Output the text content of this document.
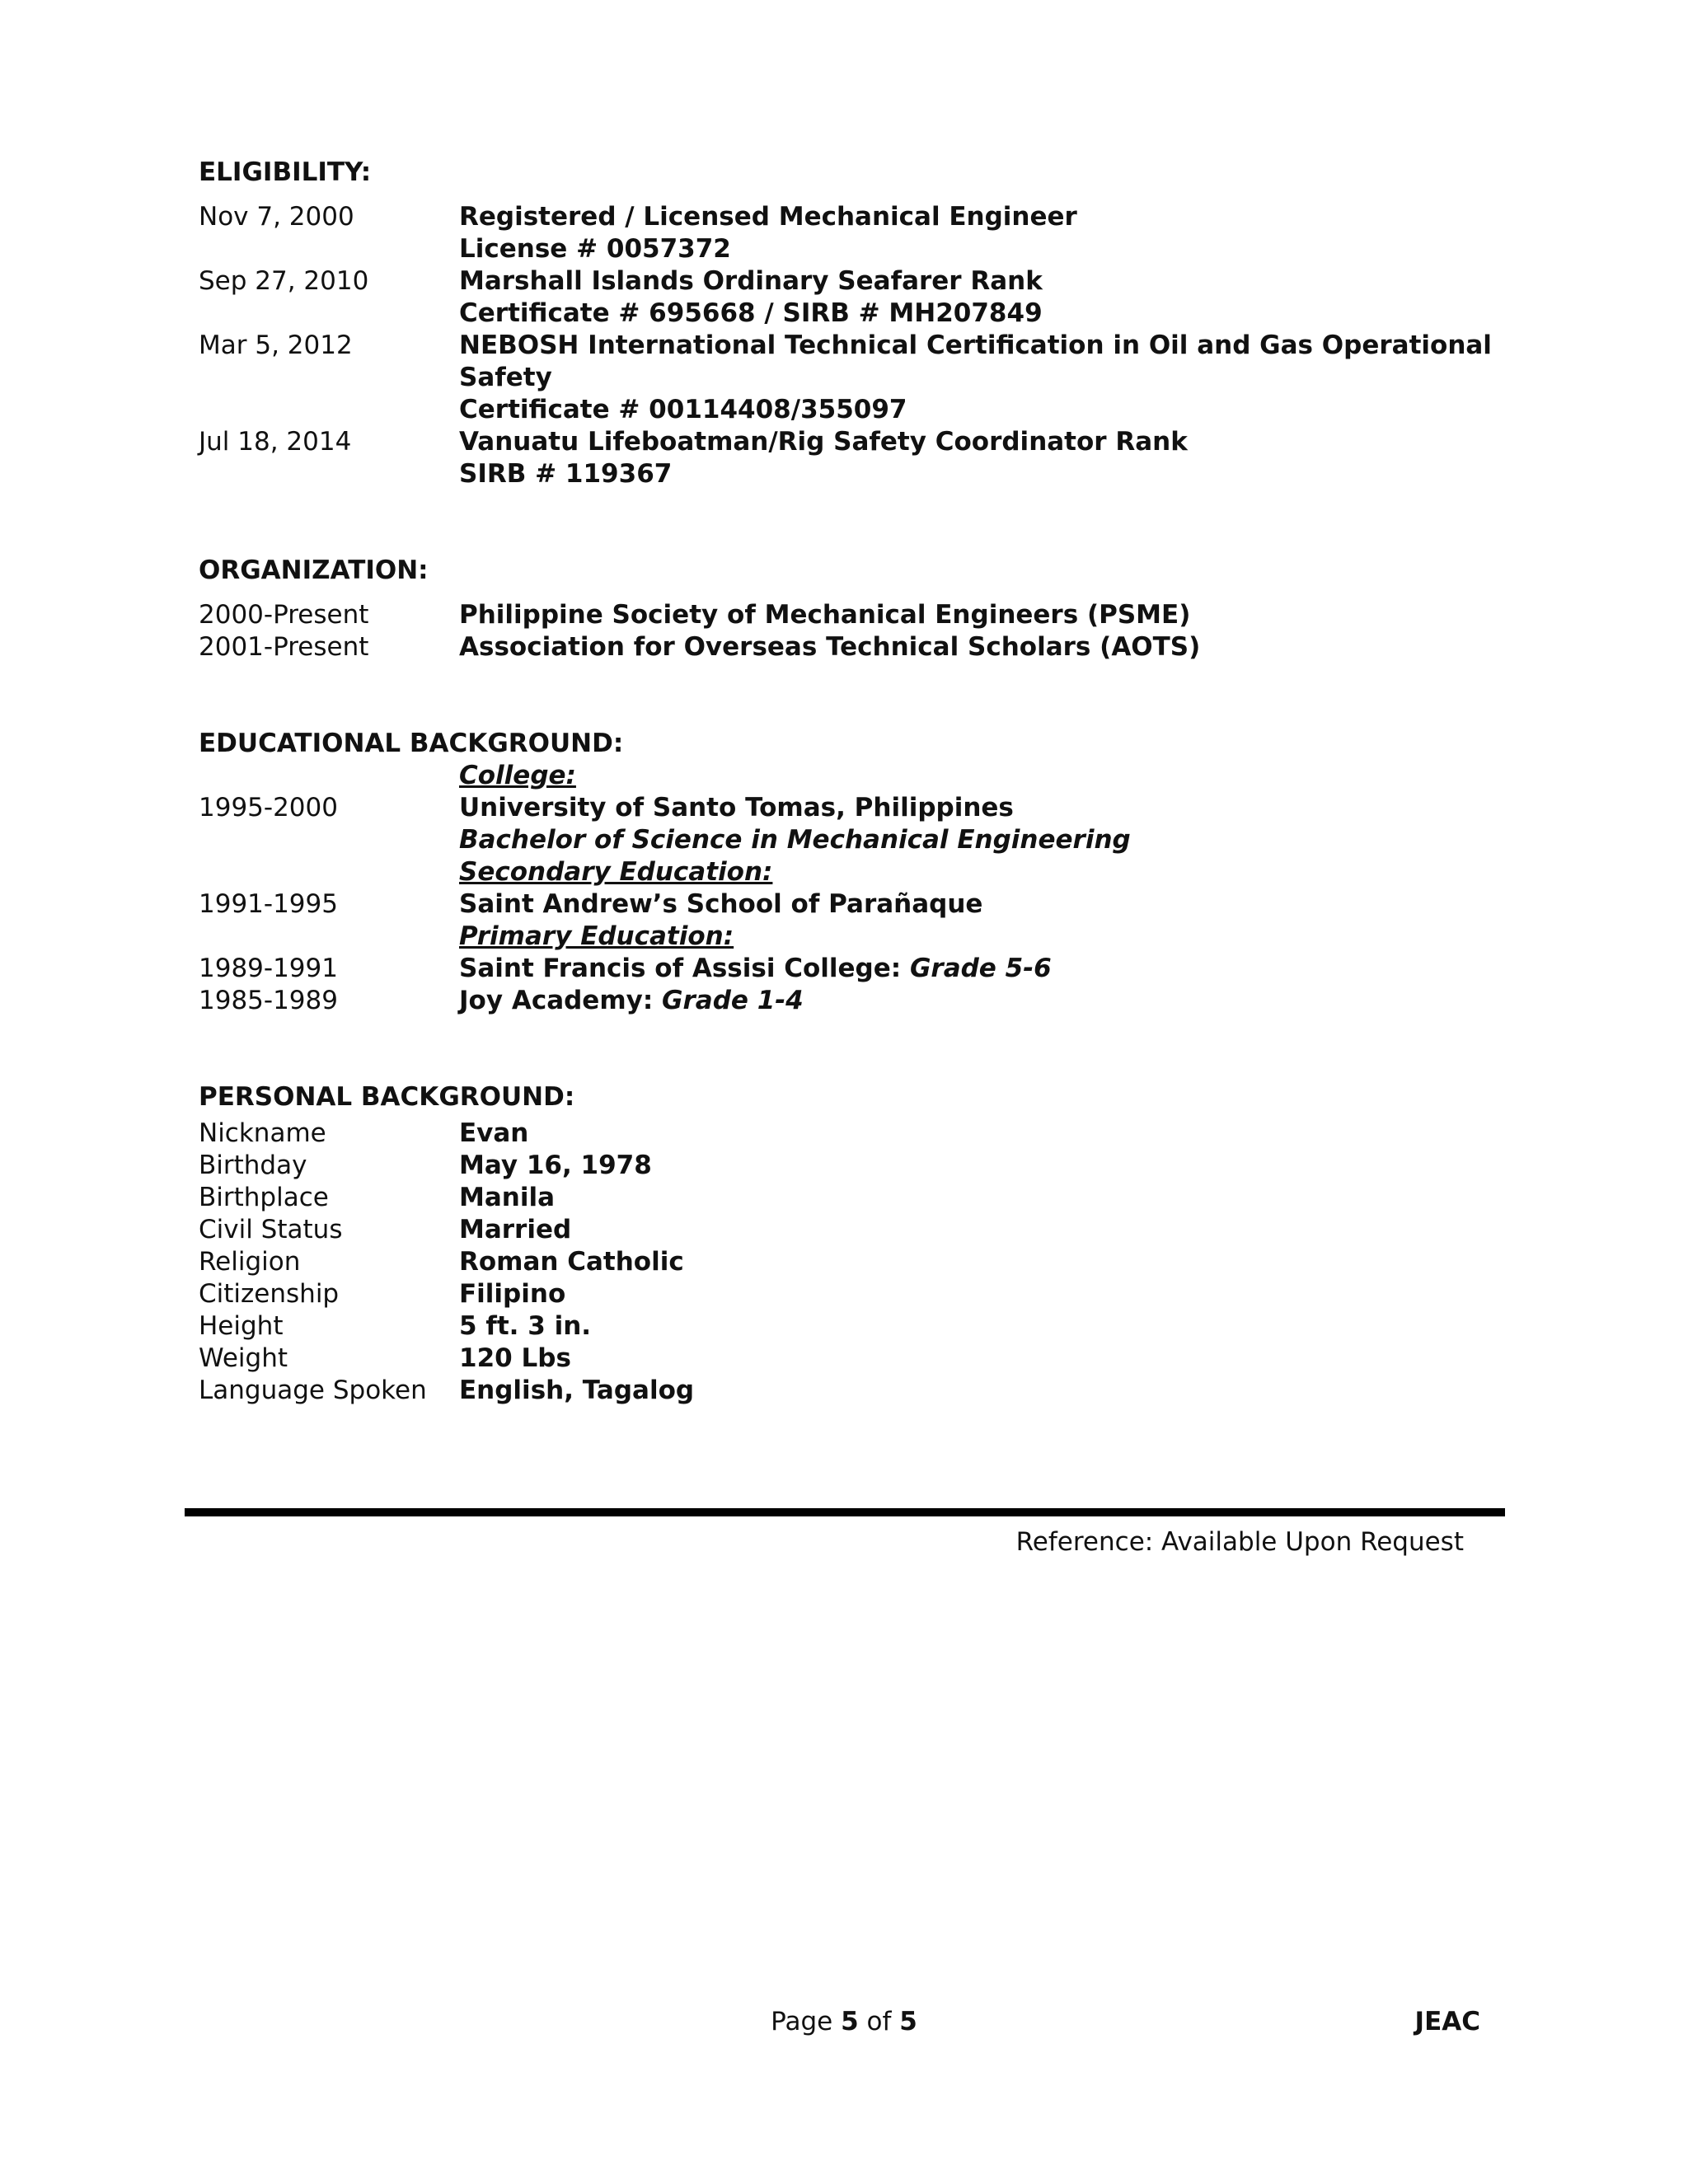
ELIGIBILITY:
Nov 7, 2000	Registered / Licensed Mechanical Engineer
License # 0057372
Sep 27, 2010	Marshall Islands Ordinary Seafarer Rank
Certificate # 695668 / SIRB # MH207849
Mar 5, 2012	NEBOSH International Technical Certification in Oil and Gas Operational Safety
Certificate # 00114408/355097
Jul 18, 2014	Vanuatu Lifeboatman/Rig Safety Coordinator Rank
SIRB # 119367
ORGANIZATION:
2000-Present	Philippine Society of Mechanical Engineers (PSME)
2001-Present	Association for Overseas Technical Scholars (AOTS)
EDUCATIONAL BACKGROUND:
College:
1995-2000	University of Santo Tomas, Philippines
Bachelor of Science in Mechanical Engineering
Secondary Education:
1991-1995	Saint Andrew’s School of Parañaque
Primary Education:
1989-1991	Saint Francis of Assisi College: Grade 5-6
1985-1989	Joy Academy: Grade 1-4
PERSONAL BACKGROUND:
Nickname	Evan
Birthday	May 16, 1978
Birthplace	Manila
Civil Status	Married
Religion	Roman Catholic
Citizenship	Filipino
Height	5 ft. 3 in.
Weight	120 Lbs
Language Spoken	English, Tagalog
Reference: Available Upon Request
Page 5 of 5	JEAC
